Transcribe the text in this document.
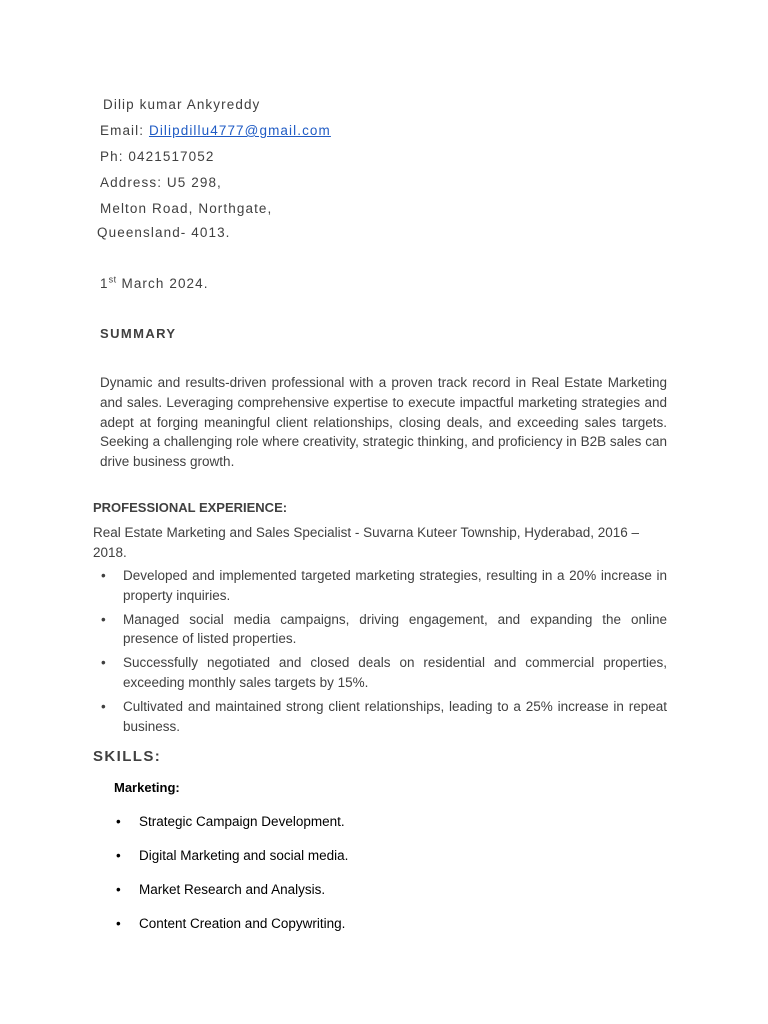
Dilip kumar Ankyreddy
Email: Dilipdillu4777@gmail.com
Ph: 0421517052
Address: U5 298,
Melton Road, Northgate,
Queensland- 4013.
1st March 2024.
SUMMARY
Dynamic and results-driven professional with a proven track record in Real Estate Marketing and sales. Leveraging comprehensive expertise to execute impactful marketing strategies and adept at forging meaningful client relationships, closing deals, and exceeding sales targets. Seeking a challenging role where creativity, strategic thinking, and proficiency in B2B sales can drive business growth.
PROFESSIONAL EXPERIENCE:
Real Estate Marketing and Sales Specialist - Suvarna Kuteer Township, Hyderabad, 2016 – 2018.
• Developed and implemented targeted marketing strategies, resulting in a 20% increase in property inquiries.
• Managed social media campaigns, driving engagement, and expanding the online presence of listed properties.
• Successfully negotiated and closed deals on residential and commercial properties, exceeding monthly sales targets by 15%.
• Cultivated and maintained strong client relationships, leading to a 25% increase in repeat business.
SKILLS:
Marketing:
• Strategic Campaign Development.
• Digital Marketing and social media.
• Market Research and Analysis.
• Content Creation and Copywriting.
